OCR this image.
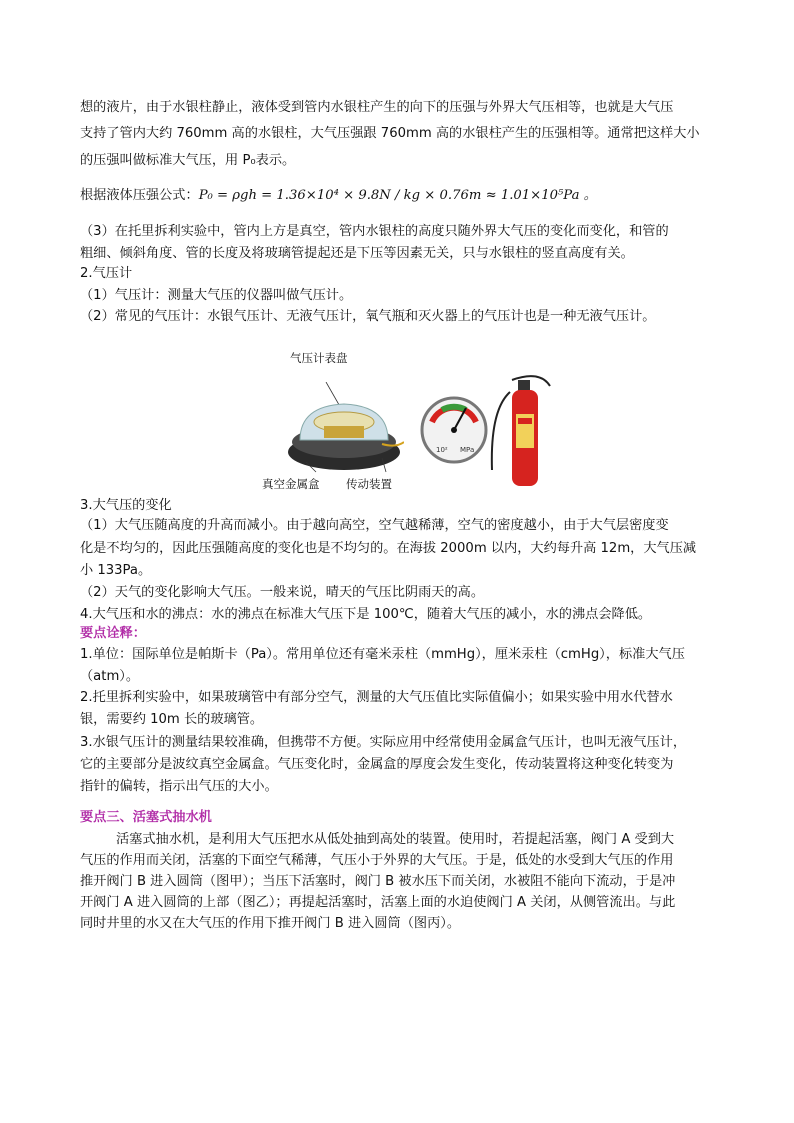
想的液片，由于水银柱静止，液体受到管内水银柱产生的向下的压强与外界大气压相等，也就是大气压
支持了管内大约 760mm 高的水银柱，大气压强跟 760mm 高的水银柱产生的压强相等。通常把这样大小
的压强叫做标准大气压，用 P₀表示。
根据液体压强公式：P₀ = ρgh = 1.36×10⁴ × 9.8N / kg × 0.76m ≈ 1.01×10⁵Pa 。
（3）在托里拆利实验中，管内上方是真空，管内水银柱的高度只随外界大气压的变化而变化，和管的
粗细、倾斜角度、管的长度及将玻璃管提起还是下压等因素无关，只与水银柱的竖直高度有关。
2.气压计
（1）气压计：测量大气压的仪器叫做气压计。
（2）常见的气压计：水银气压计、无液气压计，氧气瓶和灭火器上的气压计也是一种无液气压计。
气压计表盘
真空金属盒 传动装置
10² MPa
3.大气压的变化
（1）大气压随高度的升高而减小。由于越向高空，空气越稀薄，空气的密度越小，由于大气层密度变
化是不均匀的，因此压强随高度的变化也是不均匀的。在海拔 2000m 以内，大约每升高 12m，大气压减
小 133Pa。
（2）天气的变化影响大气压。一般来说，晴天的气压比阴雨天的高。
4.大气压和水的沸点：水的沸点在标准大气压下是 100℃，随着大气压的减小，水的沸点会降低。
要点诠释：
1.单位：国际单位是帕斯卡（Pa）。常用单位还有毫米汞柱（mmHg），厘米汞柱（cmHg），标准大气压
（atm）。
2.托里拆利实验中，如果玻璃管中有部分空气，测量的大气压值比实际值偏小；如果实验中用水代替水
银，需要约 10m 长的玻璃管。
3.水银气压计的测量结果较准确，但携带不方便。实际应用中经常使用金属盒气压计，也叫无液气压计，
它的主要部分是波纹真空金属盒。气压变化时，金属盒的厚度会发生变化，传动装置将这种变化转变为
指针的偏转，指示出气压的大小。
要点三、活塞式抽水机
活塞式抽水机，是利用大气压把水从低处抽到高处的装置。使用时，若提起活塞，阀门 A 受到大
气压的作用而关闭，活塞的下面空气稀薄，气压小于外界的大气压。于是，低处的水受到大气压的作用
推开阀门 B 进入圆筒（图甲）；当压下活塞时，阀门 B 被水压下而关闭，水被阻不能向下流动，于是冲
开阀门 A 进入圆筒的上部（图乙）；再提起活塞时，活塞上面的水迫使阀门 A 关闭，从侧管流出。与此
同时井里的水又在大气压的作用下推开阀门 B 进入圆筒（图丙）。
